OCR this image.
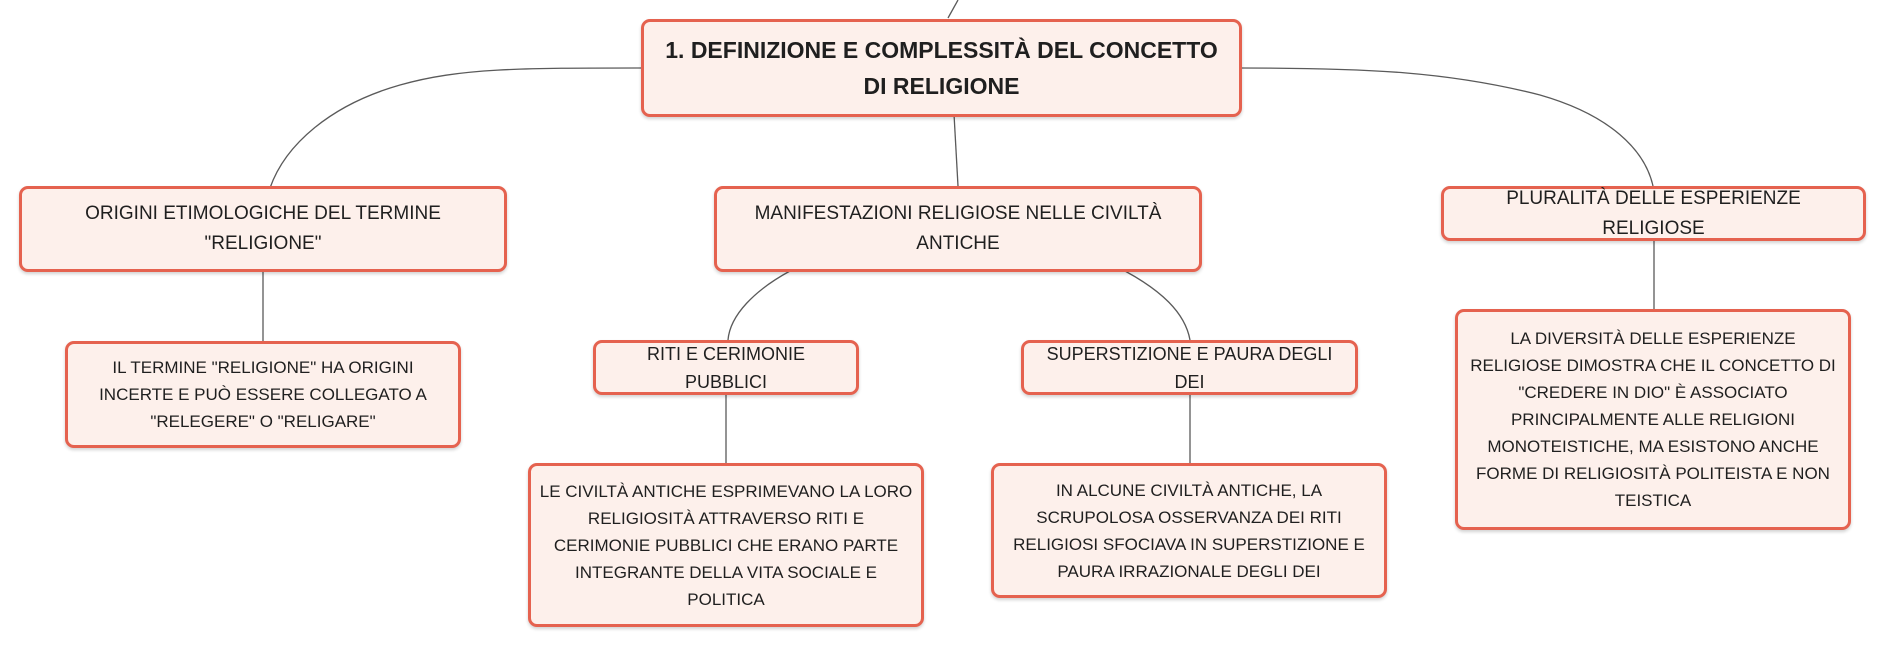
1. DEFINIZIONE E COMPLESSITÀ DEL CONCETTO DI RELIGIONE
ORIGINI ETIMOLOGICHE DEL TERMINE "RELIGIONE"
MANIFESTAZIONI RELIGIOSE NELLE CIVILTÀ ANTICHE
PLURALITÀ DELLE ESPERIENZE RELIGIOSE
IL TERMINE "RELIGIONE" HA ORIGINI INCERTE E PUÒ ESSERE COLLEGATO A "RELEGERE" O "RELIGARE"
RITI E CERIMONIE PUBBLICI
SUPERSTIZIONE E PAURA DEGLI DEI
LE CIVILTÀ ANTICHE ESPRIMEVANO LA LORO RELIGIOSITÀ ATTRAVERSO RITI E CERIMONIE PUBBLICI CHE ERANO PARTE INTEGRANTE DELLA VITA SOCIALE E POLITICA
IN ALCUNE CIVILTÀ ANTICHE, LA SCRUPOLOSA OSSERVANZA DEI RITI RELIGIOSI SFOCIAVA IN SUPERSTIZIONE E PAURA IRRAZIONALE DEGLI DEI
LA DIVERSITÀ DELLE ESPERIENZE RELIGIOSE DIMOSTRA CHE IL CONCETTO DI "CREDERE IN DIO" È ASSOCIATO PRINCIPALMENTE ALLE RELIGIONI MONOTEISTICHE, MA ESISTONO ANCHE FORME DI RELIGIOSITÀ POLITEISTA E NON TEISTICA
